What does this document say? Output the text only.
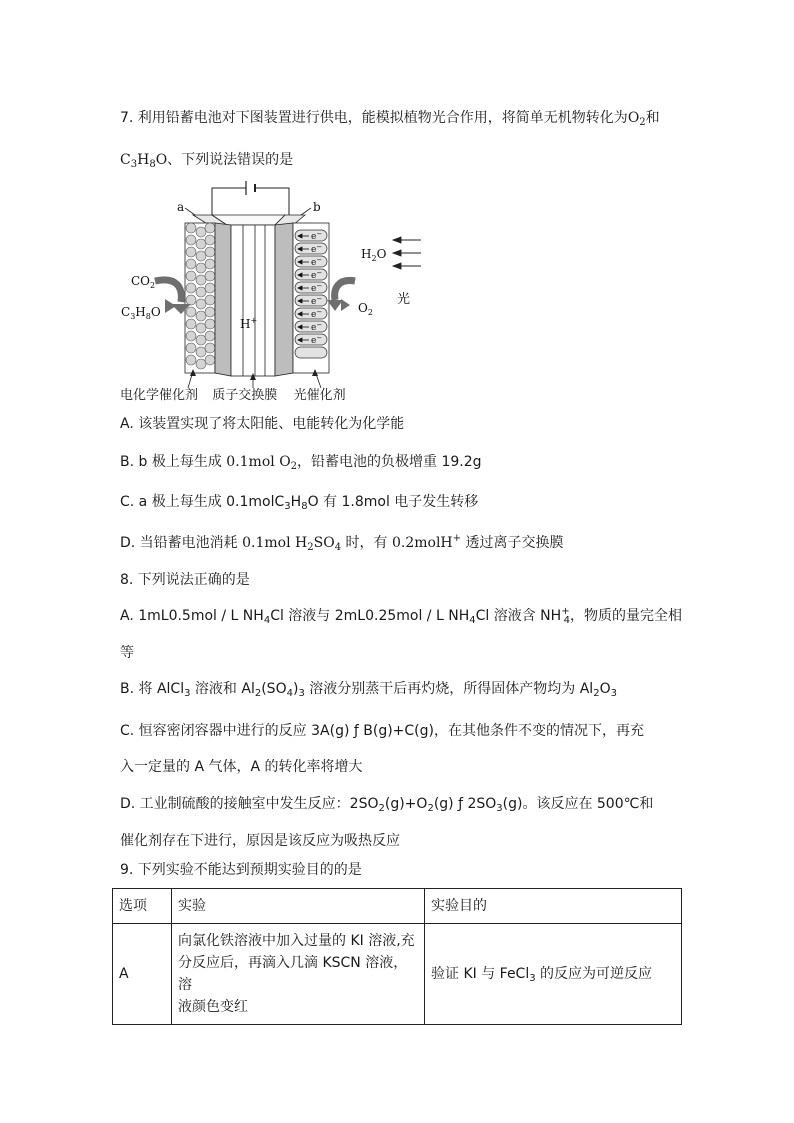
7. 利用铅蓄电池对下图装置进行供电，能模拟植物光合作用，将简单无机物转化为$O_2$和
$C_3H_8O$、下列说法错误的是
e−
e−
e−
e−
e−
e−
e−
e−
e−
H+
a	b
$CO_2$
$C_3H_8O$
$H_2O$
$O_2$
光
电化学催化剂 质子交换膜 光催化剂
A. 该装置实现了将太阳能、电能转化为化学能
B. b 极上每生成 0.1mol $O_2$，铅蓄电池的负极增重 19.2g
C. a 极上每生成 $0.1molC_3H_8O$ 有 1.8mol 电子发生转移
D. 当铅蓄电池消耗 0.1mol $H_2SO_4$ 时，有 0.2molH+ 透过离子交换膜
8. 下列说法正确的是
A. 1mL0.5mol / L $NH_4Cl$ 溶液与 2mL0.25mol / L $NH_4Cl$ 溶液含 $NH^+_4$，物质的量完全相
等
B. 将 AlCl$_3$ 溶液和 $Al_2(SO_4)_3$ 溶液分别蒸干后再灼烧，所得固体产物均为 $Al_2O_3$
C. 恒容密闭容器中进行的反应 3A(g) ƒ B(g)+C(g)，在其他条件不变的情况下，再充
入一定量的 A 气体，A 的转化率将增大
D. 工业制硫酸的接触室中发生反应：$2SO_2(g)+O_2(g)$ ƒ $2SO_3(g)$。该反应在 500℃和
催化剂存在下进行，原因是该反应为吸热反应
9. 下列实验不能达到预期实验目的的是
选项	实验	实验目的
A	向氯化铁溶液中加入过量的 KI 溶液,充
分反应后，再滴入几滴 KSCN 溶液，溶
液颜色变红	验证 KI 与 FeCl$_3$ 的反应为可逆反应
